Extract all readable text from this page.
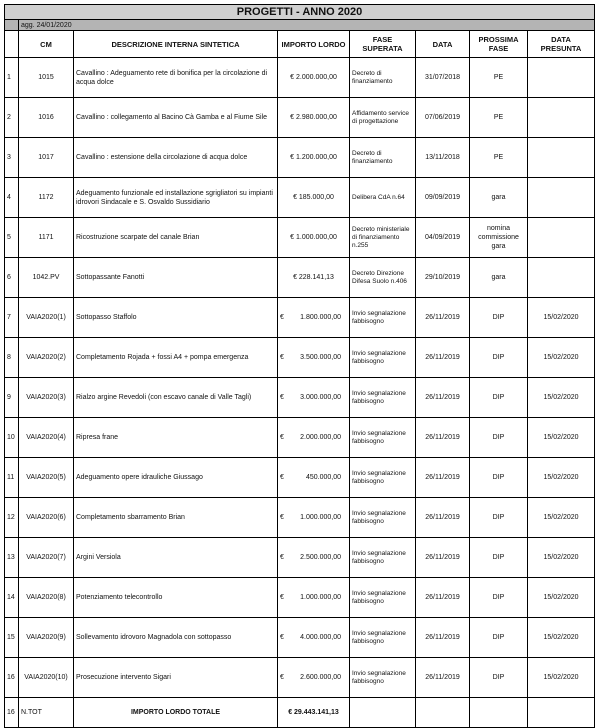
PROGETTI - ANNO 2020							
	agg. 24/01/2020						
	CM	DESCRIZIONE INTERNA SINTETICA	IMPORTO LORDO	FASE SUPERATA	DATA	PROSSIMA FASE	DATA PRESUNTA
1	1015	Cavallino : Adeguamento rete di bonifica per la circolazione di acqua dolce	€ 2.000.000,00	Decreto di finanziamento	31/07/2018	PE	
2	1016	Cavallino : collegamento al Bacino Cà Gamba e al Fiume Sile	€ 2.980.000,00	Affidamento service di progettazione	07/06/2019	PE	
3	1017	Cavallino : estensione della circolazione di acqua dolce	€ 1.200.000,00	Decreto di finanziamento	13/11/2018	PE	
4	1172	Adeguamento funzionale ed installazione sgrigliatori su impianti idrovori Sindacale e S. Osvaldo Sussidiario	€ 185.000,00	Delibera CdA n.64	09/09/2019	gara	
5	1171	Ricostruzione scarpate del canale Brian	€ 1.000.000,00	Decreto ministeriale di finanziamento n.255	04/09/2019	nomina commissione gara	
6	1042.PV	Sottopassante Fanotti	€ 228.141,13	Decreto Direzione Difesa Suolo n.406	29/10/2019	gara	
7	VAIA2020(1)	Sottopasso Staffolo	€ 1.800.000,00	Invio segnalazione fabbisogno	26/11/2019	DIP	15/02/2020
8	VAIA2020(2)	Completamento Rojada + fossi A4 + pompa emergenza	€ 3.500.000,00	Invio segnalazione fabbisogno	26/11/2019	DIP	15/02/2020
9	VAIA2020(3)	Rialzo argine Revedoli (con escavo canale di Valle Tagli)	€ 3.000.000,00	Invio segnalazione fabbisogno	26/11/2019	DIP	15/02/2020
10	VAIA2020(4)	Ripresa frane	€ 2.000.000,00	Invio segnalazione fabbisogno	26/11/2019	DIP	15/02/2020
11	VAIA2020(5)	Adeguamento opere idrauliche Giussago	€ 450.000,00	Invio segnalazione fabbisogno	26/11/2019	DIP	15/02/2020
12	VAIA2020(6)	Completamento sbarramento Brian	€ 1.000.000,00	Invio segnalazione fabbisogno	26/11/2019	DIP	15/02/2020
13	VAIA2020(7)	Argini Versiola	€ 2.500.000,00	Invio segnalazione fabbisogno	26/11/2019	DIP	15/02/2020
14	VAIA2020(8)	Potenziamento telecontrollo	€ 1.000.000,00	Invio segnalazione fabbisogno	26/11/2019	DIP	15/02/2020
15	VAIA2020(9)	Sollevamento idrovoro Magnadola con sottopasso	€ 4.000.000,00	Invio segnalazione fabbisogno	26/11/2019	DIP	15/02/2020
16	VAIA2020(10)	Prosecuzione intervento Sigari	€ 2.600.000,00	Invio segnalazione fabbisogno	26/11/2019	DIP	15/02/2020
16	N.TOT	IMPORTO LORDO TOTALE	€ 29.443.141,13				
